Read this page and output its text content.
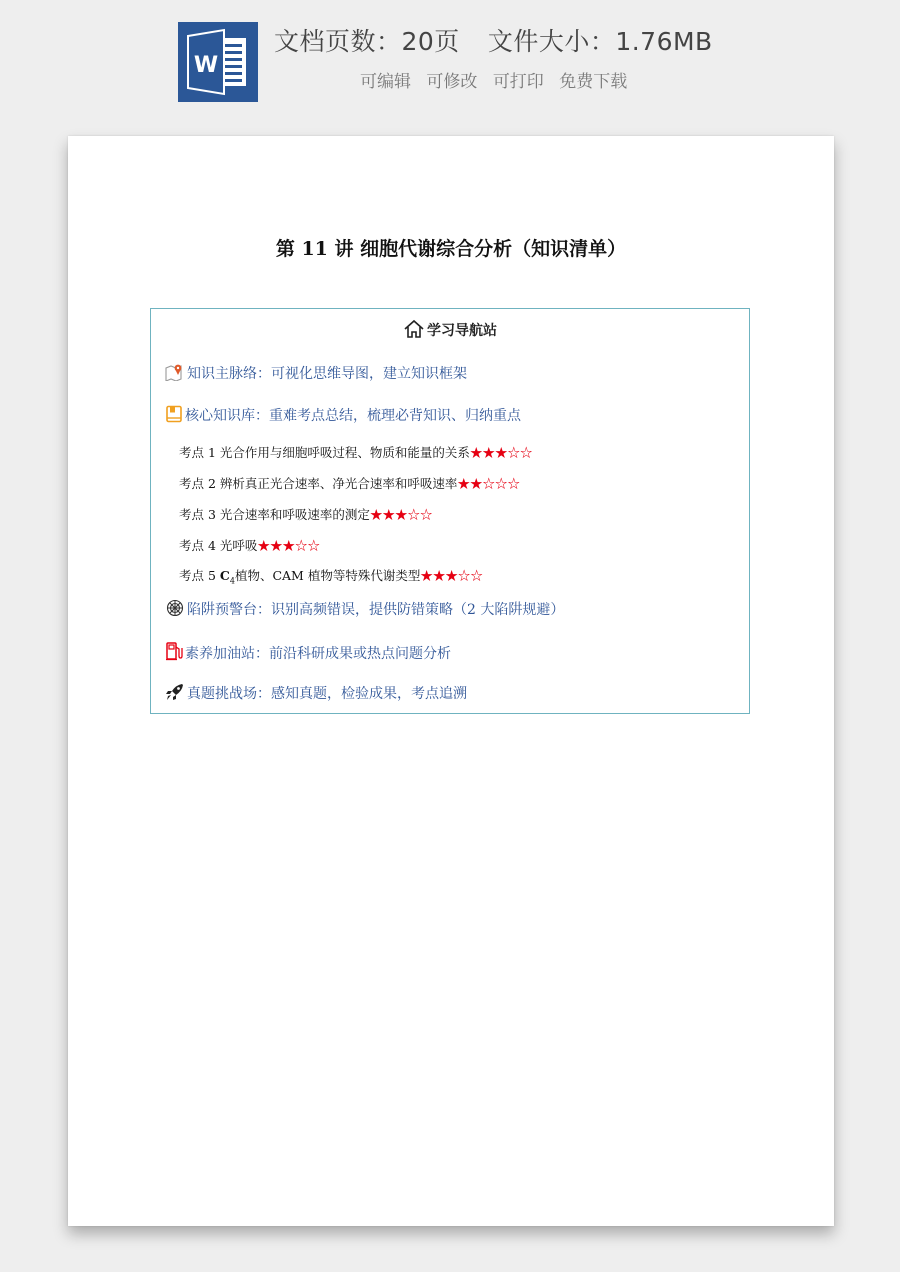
W
文档页数：20页 文件大小：1.76MB
可编辑 可修改 可打印 免费下载
第 11 讲 细胞代谢综合分析（知识清单）
学习导航站
知识主脉络：可视化思维导图，建立知识框架
核心知识库：重难考点总结，梳理必背知识、归纳重点
考点 1 光合作用与细胞呼吸过程、物质和能量的关系★★★☆☆
考点 2 辨析真正光合速率、净光合速率和呼吸速率★★☆☆☆
考点 3 光合速率和呼吸速率的测定★★★☆☆
考点 4 光呼吸★★★☆☆
考点 5 $C_4$植物、CAM 植物等特殊代谢类型★★★☆☆
陷阱预警台：识别高频错误，提供防错策略（2 大陷阱规避）
素养加油站：前沿科研成果或热点问题分析
真题挑战场：感知真题，检验成果，考点追溯
